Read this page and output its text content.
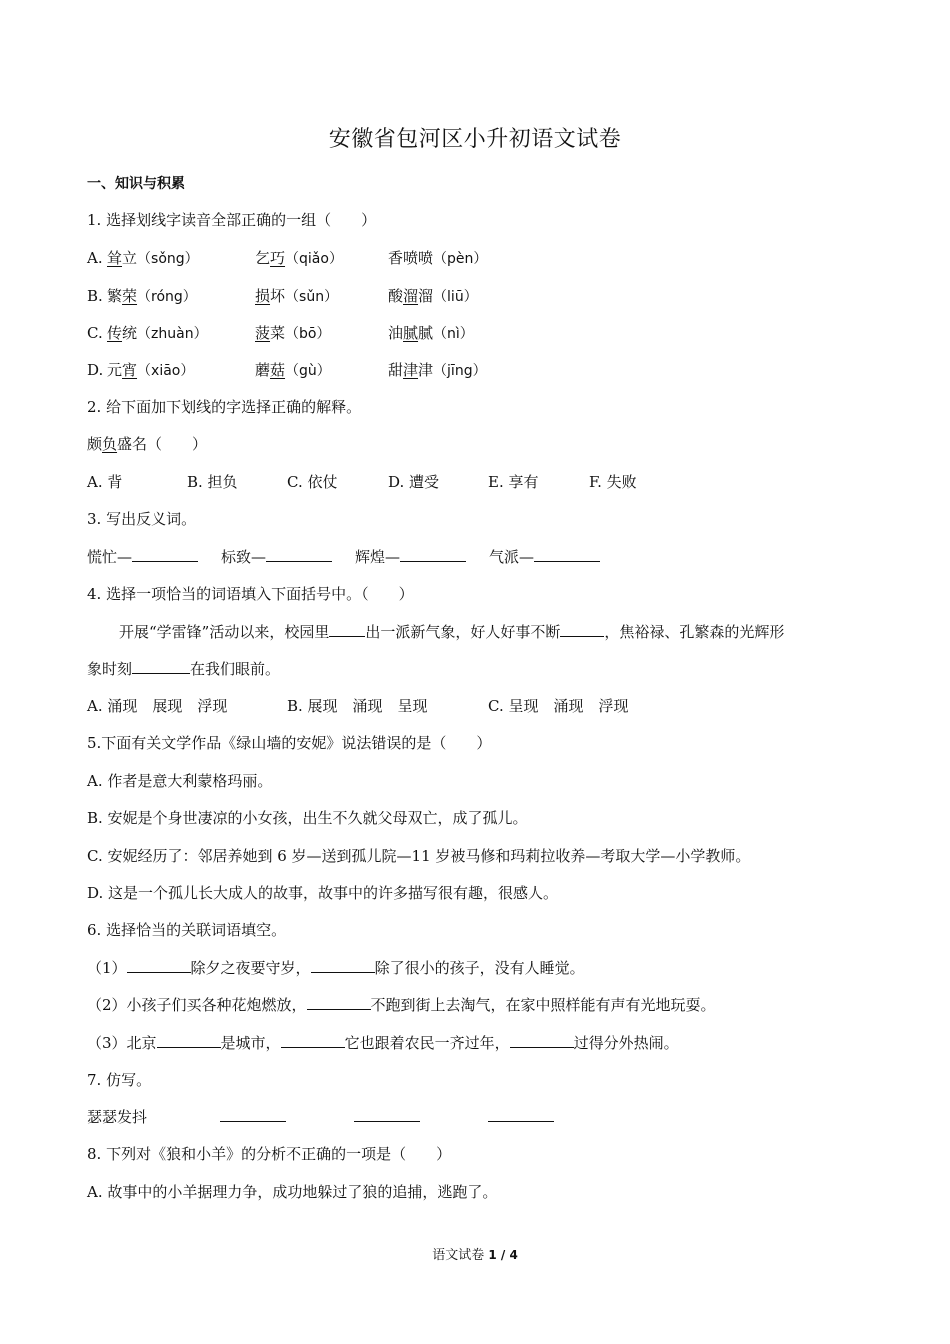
安徽省包河区小升初语文试卷
一、知识与积累
1. 选择划线字读音全部正确的一组（　　）
A. 耸立（sǒng）	乞巧（qiǎo）	香喷喷（pèn）
B. 繁荣（róng）	损坏（sǔn）	酸溜溜（liū）
C. 传统（zhuàn）	菠菜（bō）	油腻腻（nì）
D. 元宵（xiāo）	蘑菇（gù）	甜津津（jīng）
2. 给下面加下划线的字选择正确的解释。
颇负盛名（　　）
A. 背	B. 担负	C. 依仗	D. 遭受	E. 享有	F. 失败
3. 写出反义词。
慌忙—	标致—	辉煌—	气派—
4. 选择一项恰当的词语填入下面括号中。（　　）
开展“学雷锋”活动以来，校园里 出一派新气象，好人好事不断	，焦裕禄、孔繁森的光辉形
象时刻	在我们眼前。
A. 涌现　展现　浮现	B. 展现　涌现　呈现	C. 呈现　涌现　浮现
5.下面有关文学作品《绿山墙的安妮》说法错误的是（　　）
A. 作者是意大利蒙格玛丽。
B. 安妮是个身世凄凉的小女孩，出生不久就父母双亡，成了孤儿。
C. 安妮经历了：邻居养她到 6 岁—送到孤儿院—11 岁被马修和玛莉拉收养—考取大学—小学教师。
D. 这是一个孤儿长大成人的故事，故事中的许多描写很有趣，很感人。
6. 选择恰当的关联词语填空。
（1）	除夕之夜要守岁，	除了很小的孩子，没有人睡觉。
（2）小孩子们买各种花炮燃放，	不跑到街上去淘气，在家中照样能有声有光地玩耍。
（3）北京	是城市，	它也跟着农民一齐过年，	过得分外热闹。
7. 仿写。
瑟瑟发抖
8. 下列对《狼和小羊》的分析不正确的一项是（　　）
A. 故事中的小羊据理力争，成功地躲过了狼的追捕，逃跑了。
语文试卷 1 / 4
